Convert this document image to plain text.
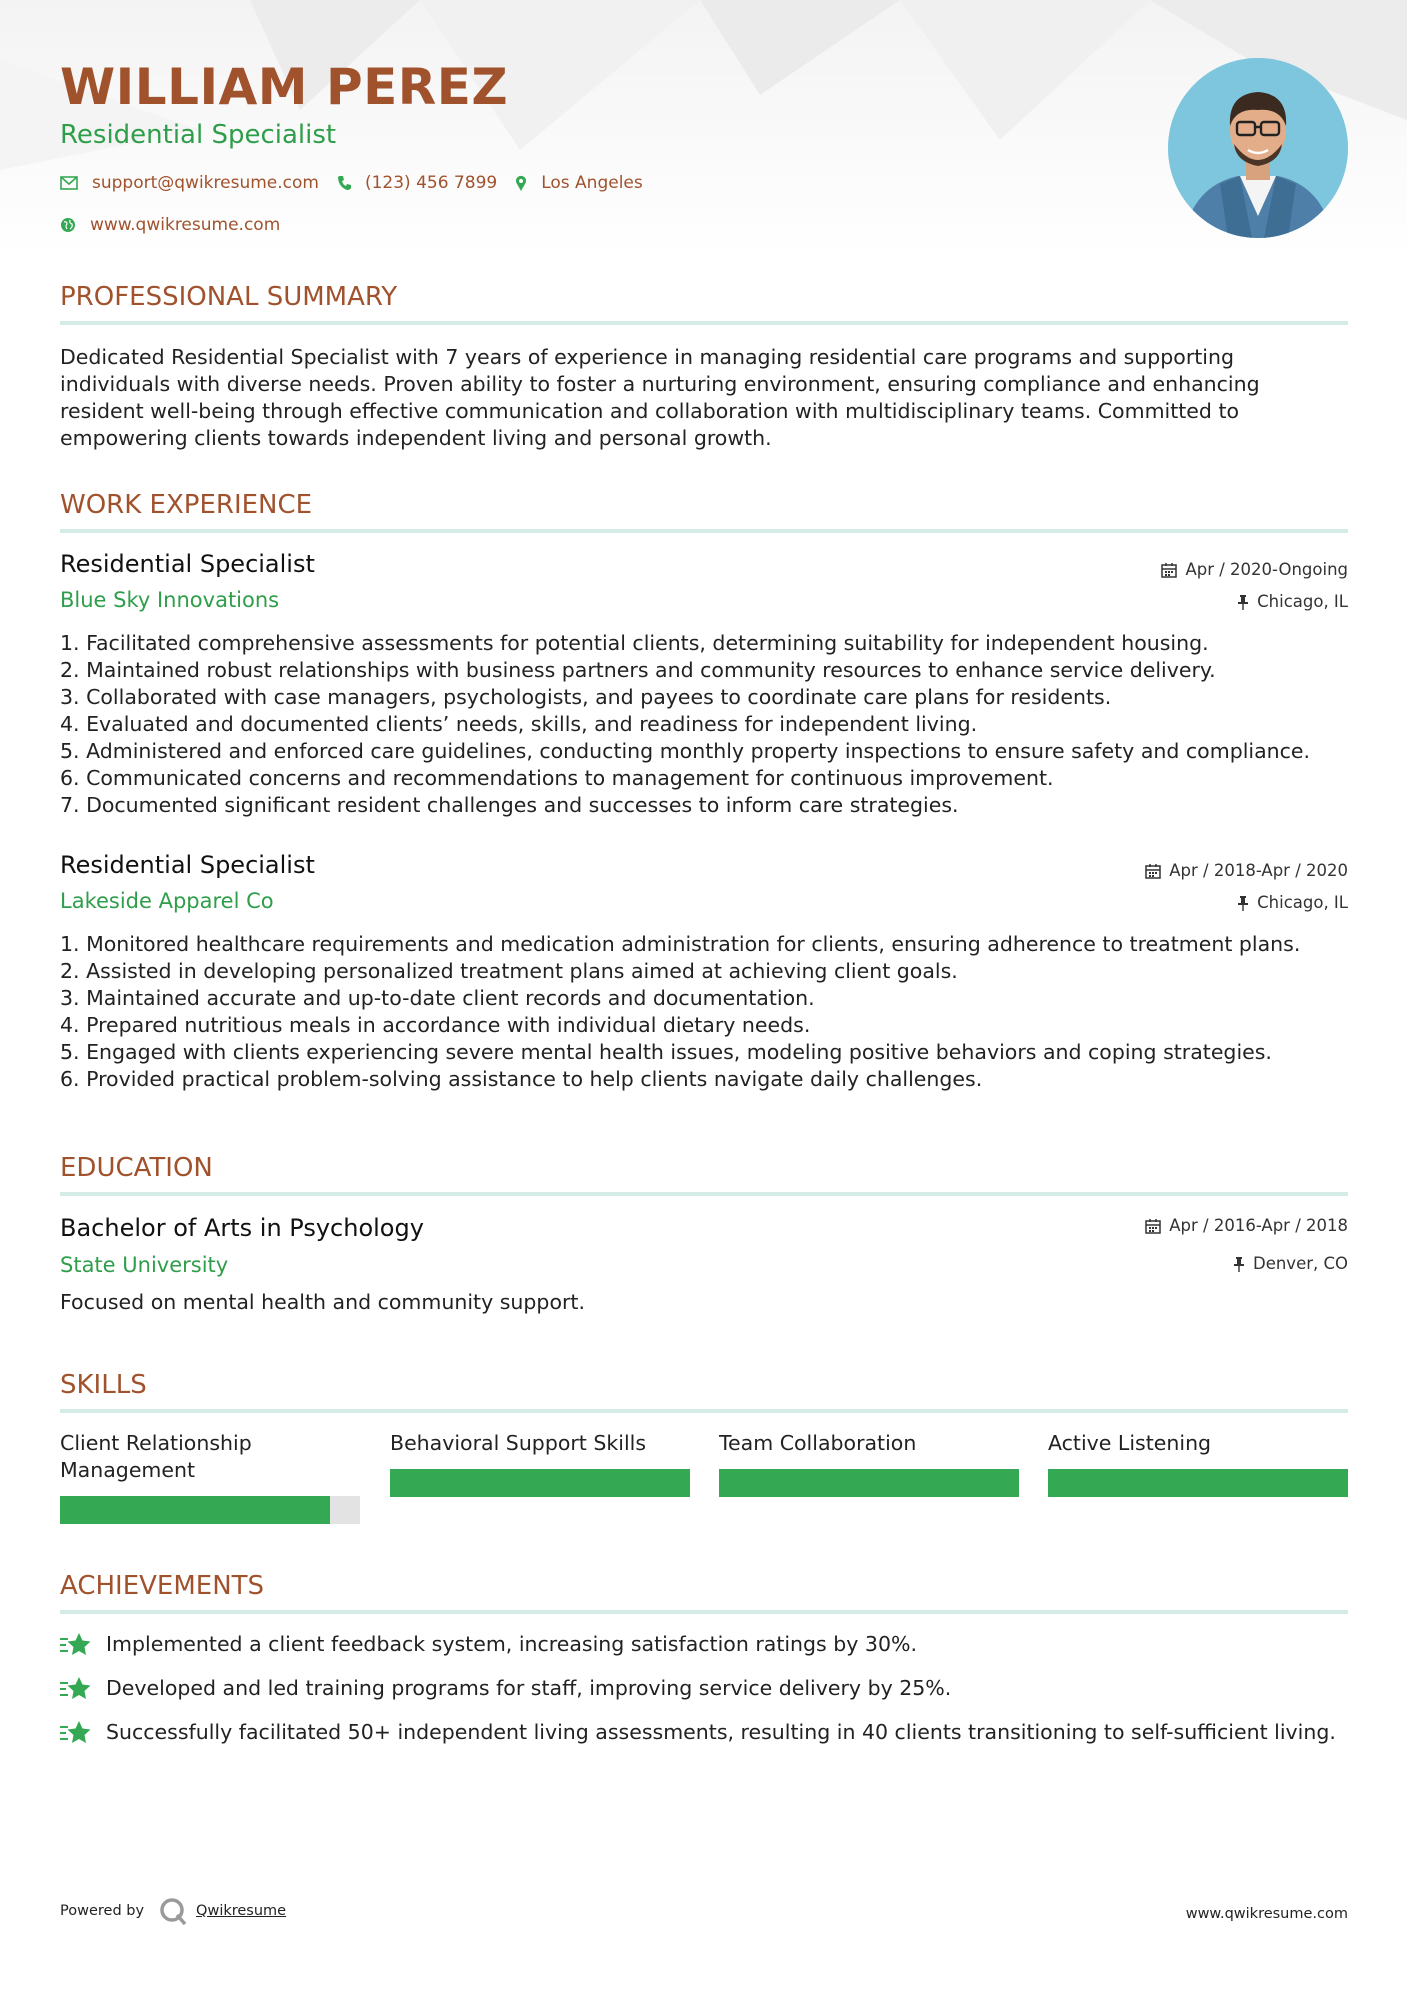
WILLIAM PEREZ
Residential Specialist
support@qwikresume.com	(123) 456 7899	Los Angeles
www.qwikresume.com
PROFESSIONAL SUMMARY
Dedicated Residential Specialist with 7 years of experience in managing residential care programs and supporting
individuals with diverse needs. Proven ability to foster a nurturing environment, ensuring compliance and enhancing
resident well-being through effective communication and collaboration with multidisciplinary teams. Committed to
empowering clients towards independent living and personal growth.
WORK EXPERIENCE
Residential Specialist
Blue Sky Innovations
Apr / 2020-Ongoing
Chicago, IL
1. Facilitated comprehensive assessments for potential clients, determining suitability for independent housing.
2. Maintained robust relationships with business partners and community resources to enhance service delivery.
3. Collaborated with case managers, psychologists, and payees to coordinate care plans for residents.
4. Evaluated and documented clients’ needs, skills, and readiness for independent living.
5. Administered and enforced care guidelines, conducting monthly property inspections to ensure safety and compliance.
6. Communicated concerns and recommendations to management for continuous improvement.
7. Documented significant resident challenges and successes to inform care strategies.
Residential Specialist
Lakeside Apparel Co
Apr / 2018-Apr / 2020
Chicago, IL
1. Monitored healthcare requirements and medication administration for clients, ensuring adherence to treatment plans.
2. Assisted in developing personalized treatment plans aimed at achieving client goals.
3. Maintained accurate and up-to-date client records and documentation.
4. Prepared nutritious meals in accordance with individual dietary needs.
5. Engaged with clients experiencing severe mental health issues, modeling positive behaviors and coping strategies.
6. Provided practical problem-solving assistance to help clients navigate daily challenges.
EDUCATION
Bachelor of Arts in Psychology
State University
Apr / 2016-Apr / 2018
Denver, CO
Focused on mental health and community support.
SKILLS
Client Relationship
Management
Behavioral Support Skills	Team Collaboration	Active Listening
ACHIEVEMENTS
Implemented a client feedback system, increasing satisfaction ratings by 30%.
Developed and led training programs for staff, improving service delivery by 25%.
Successfully facilitated 50+ independent living assessments, resulting in 40 clients transitioning to self-sufficient living.
Powered by	Qwikresume	www.qwikresume.com
